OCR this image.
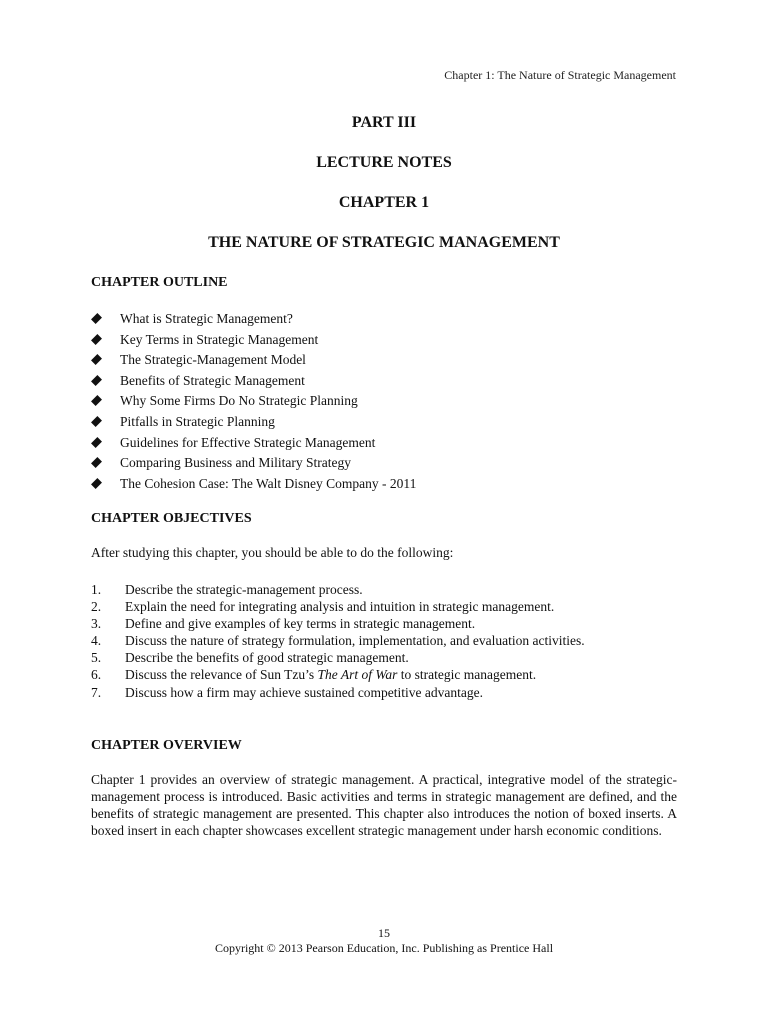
Chapter 1: The Nature of Strategic Management
PART III
LECTURE NOTES
CHAPTER 1
THE NATURE OF STRATEGIC MANAGEMENT
CHAPTER OUTLINE
What is Strategic Management?
Key Terms in Strategic Management
The Strategic-Management Model
Benefits of Strategic Management
Why Some Firms Do No Strategic Planning
Pitfalls in Strategic Planning
Guidelines for Effective Strategic Management
Comparing Business and Military Strategy
The Cohesion Case: The Walt Disney Company - 2011
CHAPTER OBJECTIVES
After studying this chapter, you should be able to do the following:
1. Describe the strategic-management process.
2. Explain the need for integrating analysis and intuition in strategic management.
3. Define and give examples of key terms in strategic management.
4. Discuss the nature of strategy formulation, implementation, and evaluation activities.
5. Describe the benefits of good strategic management.
6. Discuss the relevance of Sun Tzu’s The Art of War to strategic management.
7. Discuss how a firm may achieve sustained competitive advantage.
CHAPTER OVERVIEW
Chapter 1 provides an overview of strategic management. A practical, integrative model of the strategic-management process is introduced. Basic activities and terms in strategic management are defined, and the benefits of strategic management are presented. This chapter also introduces the notion of boxed inserts. A boxed insert in each chapter showcases excellent strategic management under harsh economic conditions.
15
Copyright © 2013 Pearson Education, Inc. Publishing as Prentice Hall
